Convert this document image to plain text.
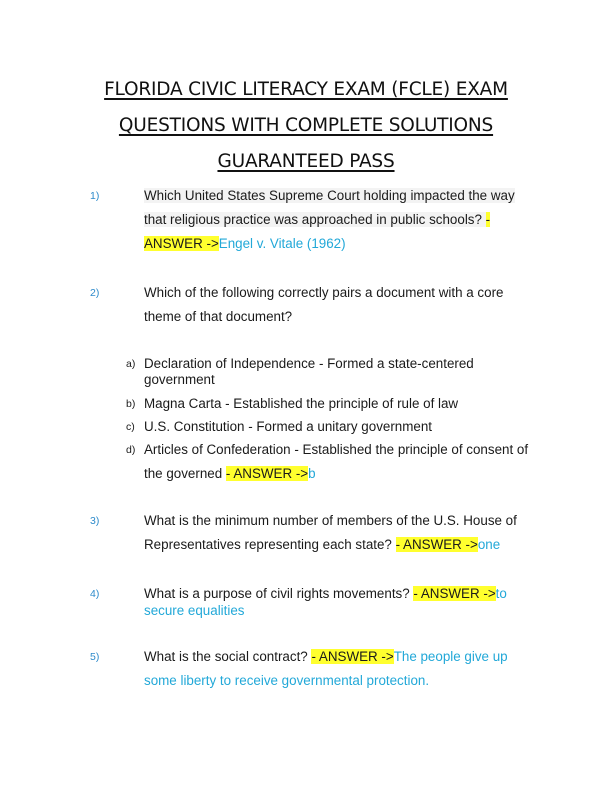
FLORIDA CIVIC LITERACY EXAM (FCLE) EXAM
QUESTIONS WITH COMPLETE SOLUTIONS
GUARANTEED PASS
1)	Which United States Supreme Court holding impacted the way that religious practice was approached in public schools? - ANSWER ->Engel v. Vitale (1962)
2)	Which of the following correctly pairs a document with a core theme of that document?
a) Declaration of Independence - Formed a state-centered government
b) Magna Carta - Established the principle of rule of law
c) U.S. Constitution - Formed a unitary government
d) Articles of Confederation - Established the principle of consent of the governed - ANSWER ->b
3)	What is the minimum number of members of the U.S. House of Representatives representing each state? - ANSWER ->one
4)	What is a purpose of civil rights movements? - ANSWER ->to secure equalities
5)	What is the social contract? - ANSWER ->The people give up some liberty to receive governmental protection.
